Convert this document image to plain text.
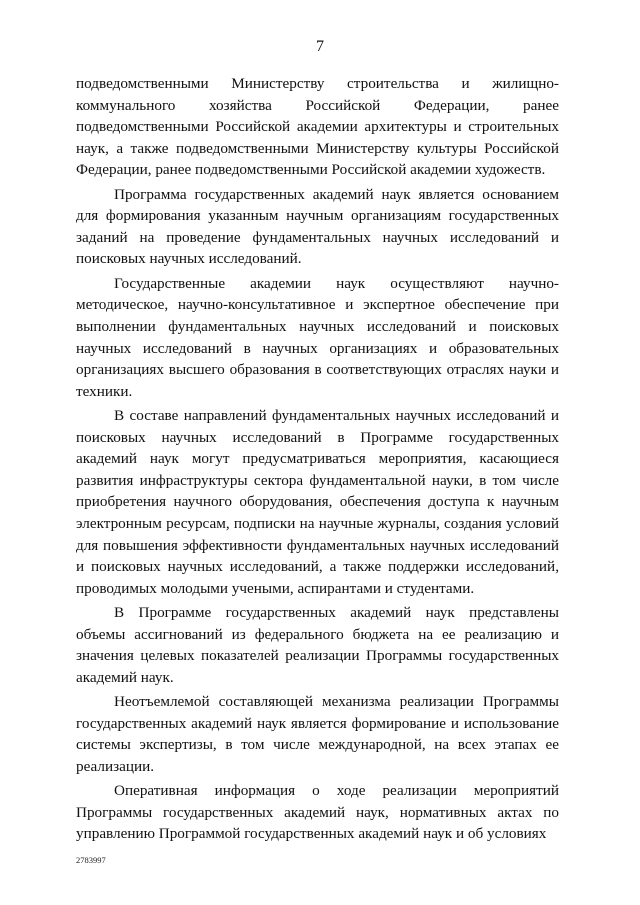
7

подведомственными Министерству строительства и жилищно-коммунального хозяйства Российской Федерации, ранее подведомственными Российской академии архитектуры и строительных наук, а также подведомственными Министерству культуры Российской Федерации, ранее подведомственными Российской академии художеств.

Программа государственных академий наук является основанием для формирования указанным научным организациям государственных заданий на проведение фундаментальных научных исследований и поисковых научных исследований.

Государственные академии наук осуществляют научно-методическое, научно-консультативное и экспертное обеспечение при выполнении фундаментальных научных исследований и поисковых научных исследований в научных организациях и образовательных организациях высшего образования в соответствующих отраслях науки и техники.

В составе направлений фундаментальных научных исследований и поисковых научных исследований в Программе государственных академий наук могут предусматриваться мероприятия, касающиеся развития инфраструктуры сектора фундаментальной науки, в том числе приобретения научного оборудования, обеспечения доступа к научным электронным ресурсам, подписки на научные журналы, создания условий для повышения эффективности фундаментальных научных исследований и поисковых научных исследований, а также поддержки исследований, проводимых молодыми учеными, аспирантами и студентами.

В Программе государственных академий наук представлены объемы ассигнований из федерального бюджета на ее реализацию и значения целевых показателей реализации Программы государственных академий наук.

Неотъемлемой составляющей механизма реализации Программы государственных академий наук является формирование и использование системы экспертизы, в том числе международной, на всех этапах ее реализации.

Оперативная информация о ходе реализации мероприятий Программы государственных академий наук, нормативных актах по управлению Программой государственных академий наук и об условиях

2783997
